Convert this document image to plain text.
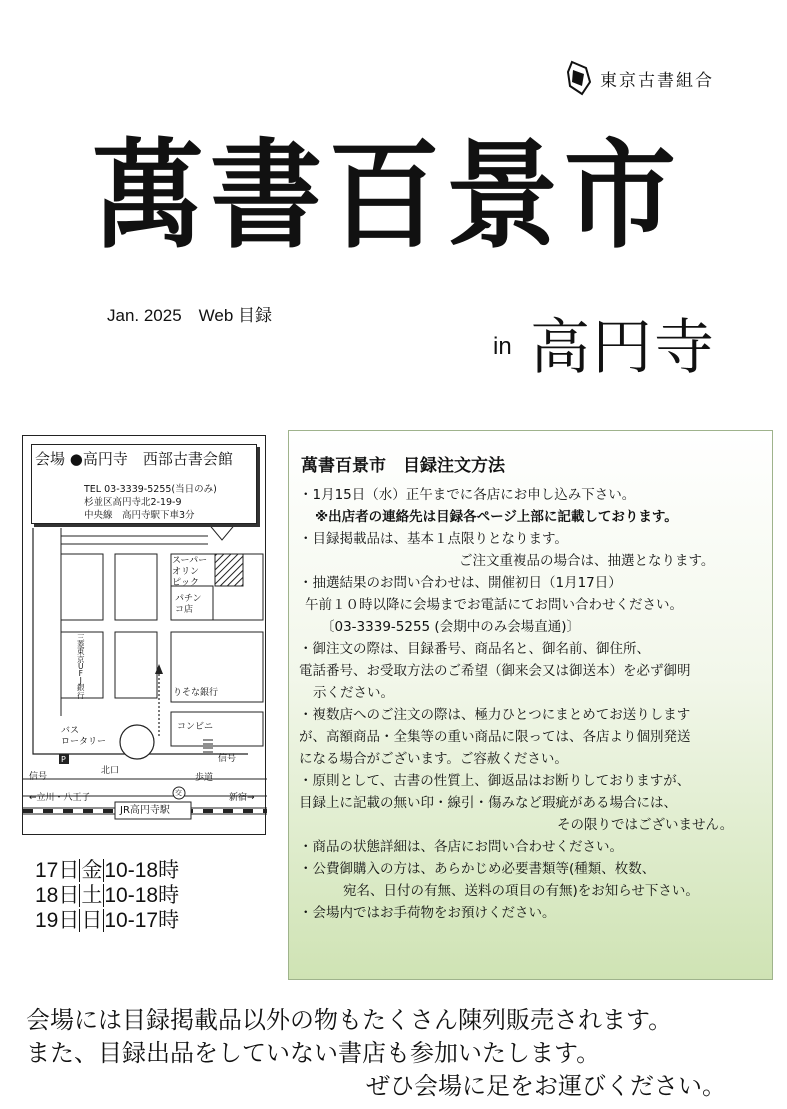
東京古書組合
萬書百景市
Jan. 2025　Web 目録
in 高円寺
会場 ●高円寺　西部古書会館
TEL 03-3339-5255(当日のみ)
杉並区高円寺北2-19-9
中央線　高円寺駅下車3分
スーパー
オリン
ピック
パチン
コ店
三
菱
東
京
U
F
J
銀
行	りそな銀行
バス
ロータリー
P
コンビニ
信号
信号
北口
歩道
交
←立川・八王子	新宿→
JR高円寺駅
17日金10-18時
18日土10-18時
19日日10-17時
萬書百景市　目録注文方法
・1月15日（水）正午までに各店にお申し込み下さい。
※出店者の連絡先は目録各ページ上部に記載しております。
・目録掲載品は、基本１点限りとなります。
ご注文重複品の場合は、抽選となります。
・抽選結果のお問い合わせは、開催初日（1月17日）
午前１０時以降に会場までお電話にてお問い合わせください。
〔03-3339-5255 (会期中のみ会場直通)〕
・御注文の際は、目録番号、商品名と、御名前、御住所、
電話番号、お受取方法のご希望（御来会又は御送本）を必ず御明
示ください。
・複数店へのご注文の際は、極力ひとつにまとめてお送りします
が、高額商品・全集等の重い商品に限っては、各店より個別発送
になる場合がございます。ご容赦ください。
・原則として、古書の性質上、御返品はお断りしておりますが、
目録上に記載の無い印・線引・傷みなど瑕疵がある場合には、
その限りではございません。
・商品の状態詳細は、各店にお問い合わせください。
・公費御購入の方は、あらかじめ必要書類等(種類、枚数、
宛名、日付の有無、送料の項目の有無)をお知らせ下さい。
・会場内ではお手荷物をお預けください。
会場には目録掲載品以外の物もたくさん陳列販売されます。
また、目録出品をしていない書店も参加いたします。
ぜひ会場に足をお運びください。
